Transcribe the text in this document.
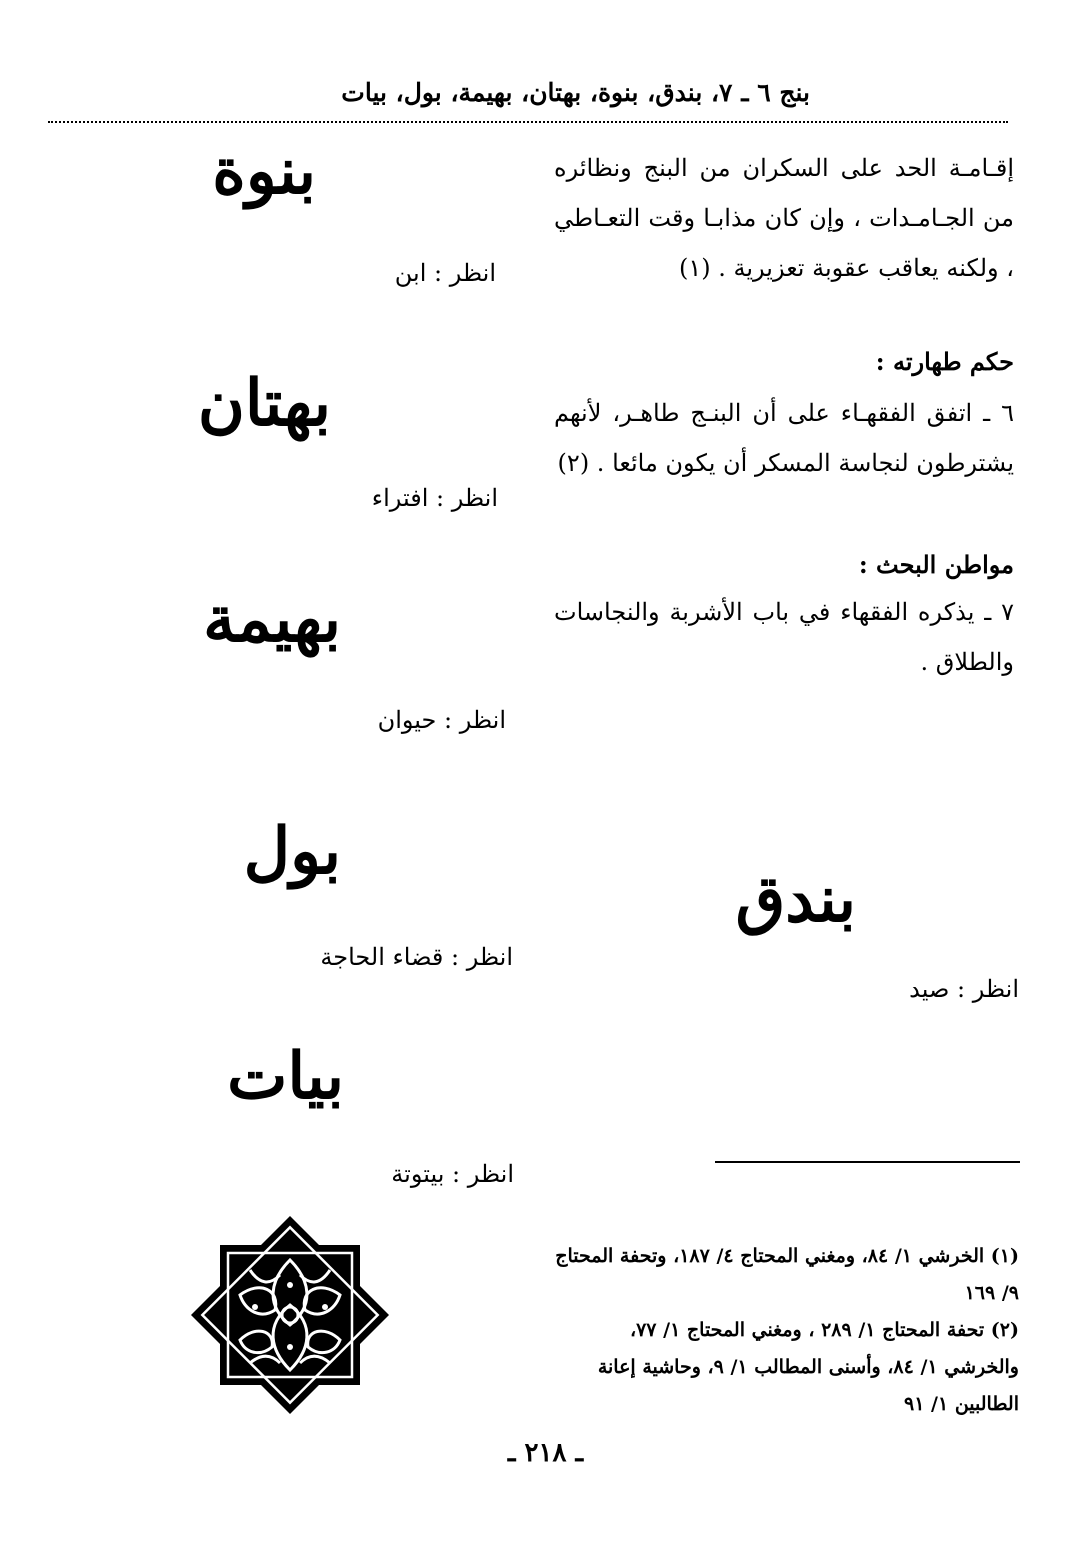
بنج ٦ ـ ٧، بندق، بنوة، بهتان، بهيمة، بول، بيات
إقـامـة الحد على السكران من البنج ونظائره من الجـامـدات ، وإن كان مذابـا وقت التعـاطي ، ولكنه يعاقب عقوبة تعزيرية . (١)
حكم طهارته :
٦ ـ اتفق الفقهـاء على أن البنـج طاهـر، لأنهم يشترطون لنجاسة المسكر أن يكون مائعا . (٢)
مواطن البحث :
٧ ـ يذكره الفقهاء في باب الأشربة والنجاسات والطلاق .
بنوة
انظر : ابن
بهتان
انظر : افتراء
بهيمة
انظر : حيوان
بول
انظر : قضاء الحاجة
بيات
انظر : بيتوتة
بندق
انظر : صيد
(١) الخرشي ١/ ٨٤، ومغني المحتاج ٤/ ١٨٧، وتحفة المحتاج ٩/ ١٦٩
(٢) تحفة المحتاج ١/ ٢٨٩ ، ومغني المحتاج ١/ ٧٧، والخرشي ١/ ٨٤، وأسنى المطالب ١/ ٩، وحاشية إعانة الطالبين ١/ ٩١
ـ ٢١٨ ـ
